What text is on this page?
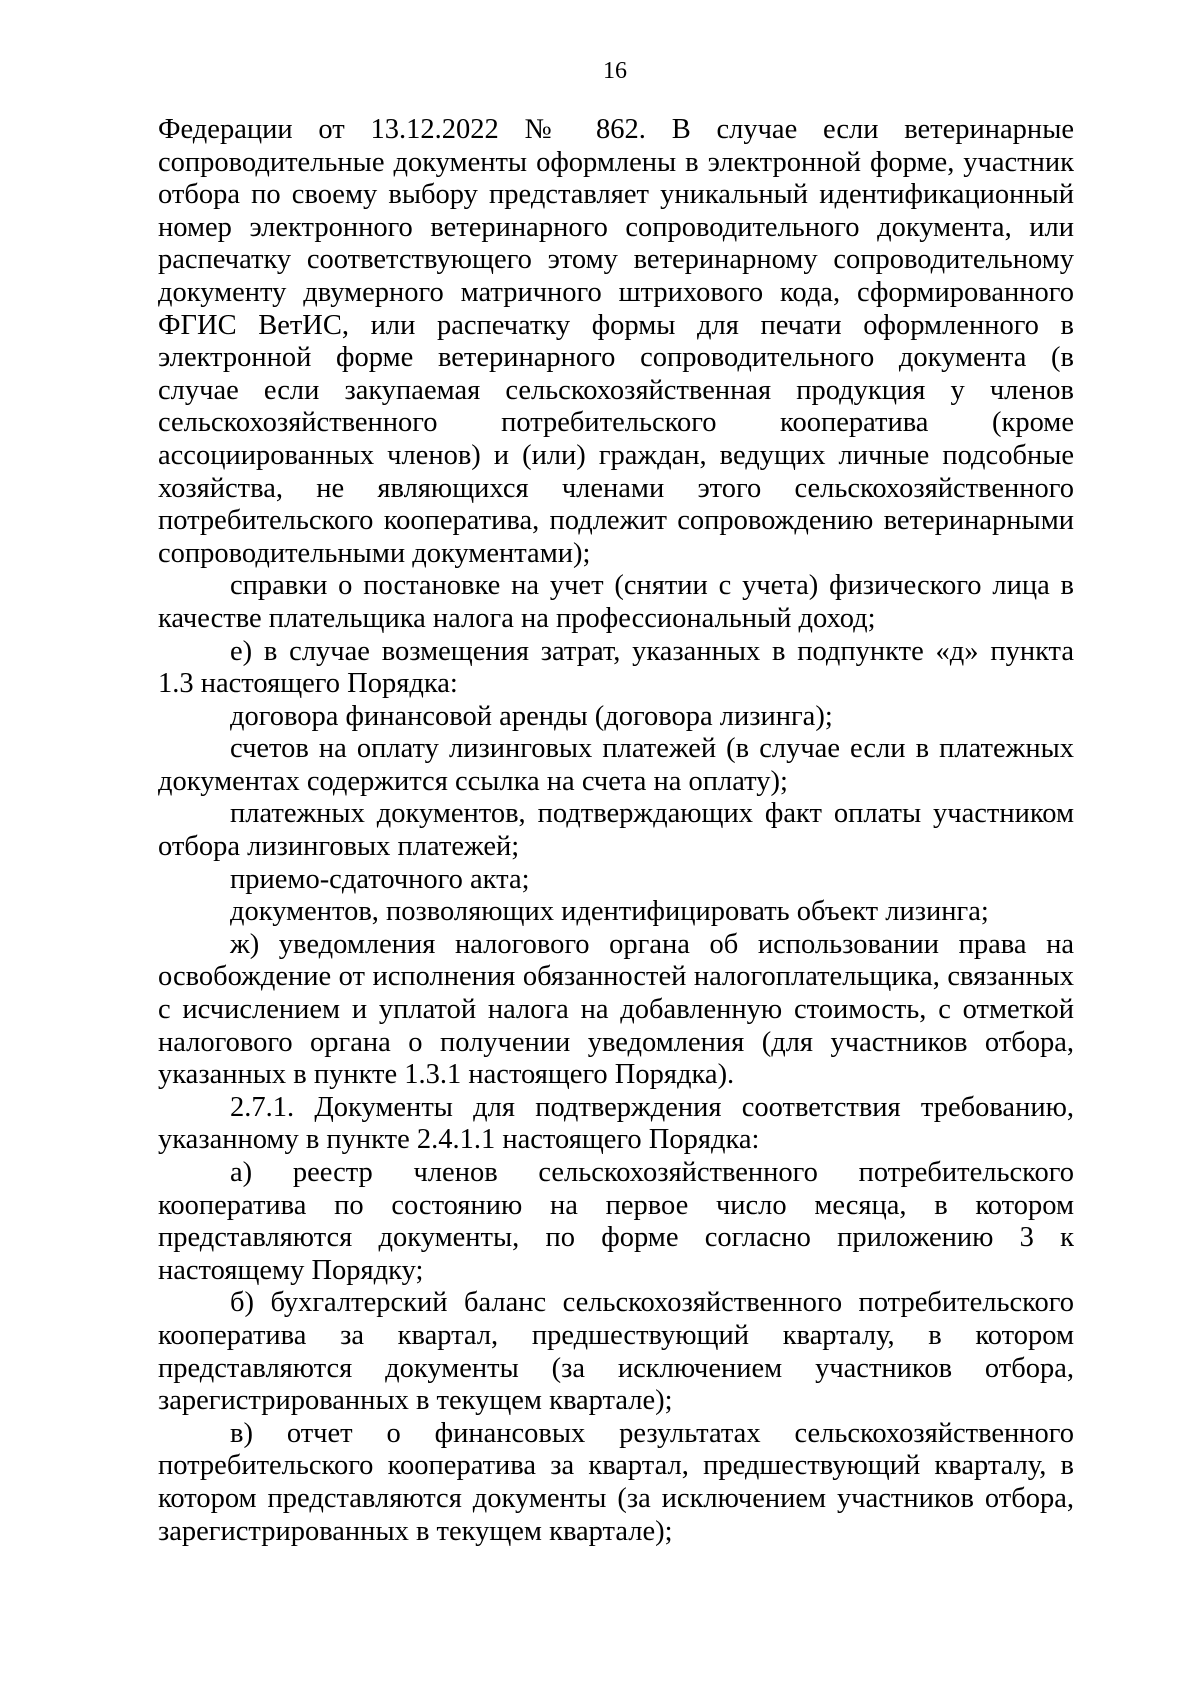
16

Федерации от 13.12.2022 № 862. В случае если ветеринарные сопроводительные документы оформлены в электронной форме, участник отбора по своему выбору представляет уникальный идентификационный номер электронного ветеринарного сопроводительного документа, или распечатку соответствующего этому ветеринарному сопроводительному документу двумерного матричного штрихового кода, сформированного ФГИС ВетИС, или распечатку формы для печати оформленного в электронной форме ветеринарного сопроводительного документа (в случае если закупаемая сельскохозяйственная продукция у членов сельскохозяйственного потребительского кооператива (кроме ассоциированных членов) и (или) граждан, ведущих личные подсобные хозяйства, не являющихся членами этого сельскохозяйственного потребительского кооператива, подлежит сопровождению ветеринарными сопроводительными документами);

справки о постановке на учет (снятии с учета) физического лица в качестве плательщика налога на профессиональный доход;

е) в случае возмещения затрат, указанных в подпункте «д» пункта 1.3 настоящего Порядка:

договора финансовой аренды (договора лизинга);

счетов на оплату лизинговых платежей (в случае если в платежных документах содержится ссылка на счета на оплату);

платежных документов, подтверждающих факт оплаты участником отбора лизинговых платежей;

приемо-сдаточного акта;

документов, позволяющих идентифицировать объект лизинга;

ж) уведомления налогового органа об использовании права на освобождение от исполнения обязанностей налогоплательщика, связанных с исчислением и уплатой налога на добавленную стоимость, с отметкой налогового органа о получении уведомления (для участников отбора, указанных в пункте 1.3.1 настоящего Порядка).

2.7.1. Документы для подтверждения соответствия требованию, указанному в пункте 2.4.1.1 настоящего Порядка:

а) реестр членов сельскохозяйственного потребительского кооператива по состоянию на первое число месяца, в котором представляются документы, по форме согласно приложению 3 к настоящему Порядку;

б) бухгалтерский баланс сельскохозяйственного потребительского кооператива за квартал, предшествующий кварталу, в котором представляются документы (за исключением участников отбора, зарегистрированных в текущем квартале);

в) отчет о финансовых результатах сельскохозяйственного потребительского кооператива за квартал, предшествующий кварталу, в котором представляются документы (за исключением участников отбора, зарегистрированных в текущем квартале);
